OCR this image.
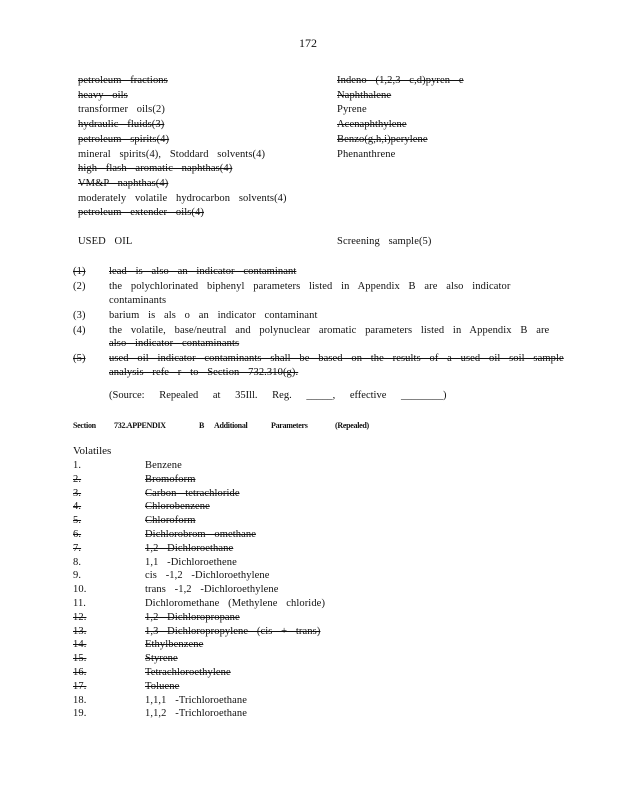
172
petroleum fractions
heavy oils
transformer oils(2)
hydraulic fluids(3)
petroleum spirits(4)
mineral spirits(4), Stoddard solvents(4)
high flash aromatic naphthas(4)
VM&P naphthas(4)
moderately volatile hydrocarbon solvents(4)
petroleum extender oils(4)
Indeno (1,2,3 c,d)pyren e
Naphthalene
Pyrene
Acenaphthylene
Benzo(g,h,i)perylene
Phenanthrene
USED OIL	Screening sample(5)
(1) lead is also an indicator contaminant
(2) the polychlorinated biphenyl parameters listed in Appendix B are also indicator
contaminants
(3) barium is als o an indicator contaminant
(4) the volatile, base/neutral and polynuclear aromatic parameters listed in Appendix B are
also indicator contaminants
(5) used oil indicator contaminants shall be based on the results of a used oil soil sample
analysis refe r to Section 732.310(g).
(Source: Repealed at 35Ill. Reg. _____, effective ________)
Section 732.APPENDIX	B Additional	Parameters	(Repealed)
Volatiles
1.	Benzene
2.	Bromoform
3.	Carbon tetrachloride
4.	Chlorobenzene
5.	Chloroform
6.	Dichlorobrom omethane
7.	1,2 Dichloroethane
8.	1,1 -Dichloroethene
9.	cis -1,2 -Dichloroethylene
10.	trans -1,2 -Dichloroethylene
11.	Dichloromethane (Methylene chloride)
12.	1,2 Dichloropropane
13.	1,3 Dichloropropylene (cis + trans)
14.	Ethylbenzene
15.	Styrene
16.	Tetrachloroethylene
17.	Toluene
18.	1,1,1 -Trichloroethane
19.	1,1,2 -Trichloroethane
